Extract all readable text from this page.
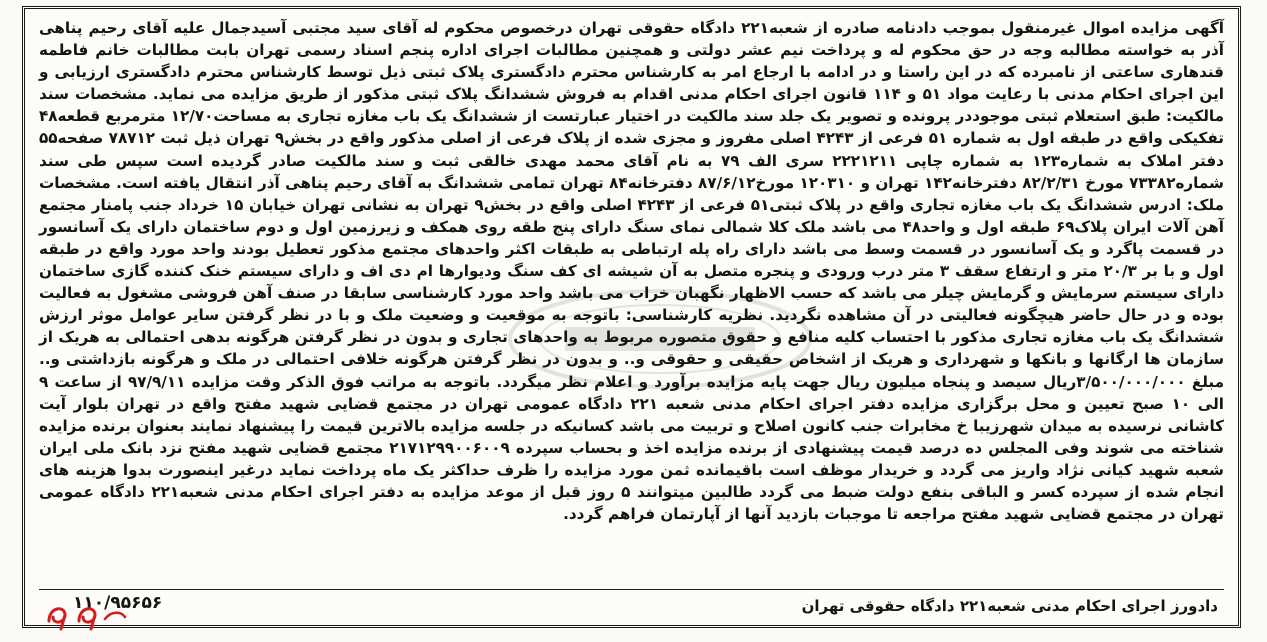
آگهی مزایده اموال غیرمنقول بموجب دادنامه صادره از شعبه۲۲۱ دادگاه حقوقی تهران درخصوص محکوم له آقای سید مجتبی آسیدجمال علیه آقای رحیم پناهی آذر به خواسته مطالبه وجه در حق محکوم له و پرداخت نیم عشر دولتی و همچنین مطالبات اجرای اداره پنجم اسناد رسمی تهران بابت مطالبات خانم فاطمه قندهاری ساعتی از نامبرده که در این راستا و در ادامه با ارجاع امر به کارشناس محترم دادگستری پلاک ثبتی ذیل توسط کارشناس محترم دادگستری ارزیابی و این اجرای احکام مدنی با رعایت مواد ۵۱ و ۱۱۴ قانون اجرای احکام مدنی اقدام به فروش ششدانگ پلاک ثبتی مذکور از طریق مزایده می نماید. مشخصات سند مالکیت: طبق استعلام ثبتی موجوددر پرونده و تصویر یک جلد سند مالکیت در اختیار عبارتست از ششدانگ یک باب مغازه تجاری به مساحت۱۲/۷۰ مترمربع قطعه۴۸ تفکیکی واقع در طبقه اول به شماره ۵۱ فرعی از ۴۲۴۳ اصلی مفروز و مجزی شده از پلاک فرعی از اصلی مذکور واقع در بخش۹ تهران ذیل ثبت ۷۸۷۱۲ صفحه۵۵ دفتر املاک به شماره۱۲۳ به شماره چاپی ۲۲۲۱۲۱۱ سری الف ۷۹ به نام آقای محمد مهدی خالقی ثبت و سند مالکیت صادر گردیده است سپس طی سند شماره۷۳۳۸۲ مورخ ۸۲/۲/۳۱ دفترخانه۱۴۲ تهران و ۱۲۰۳۱۰ مورخ۸۷/۶/۱۲ دفترخانه۸۴ تهران تمامی ششدانگ به آقای رحیم پناهی آذر انتقال یافته است. مشخصات ملک: ادرس ششدانگ یک باب مغازه تجاری واقع در پلاک ثبتی۵۱ فرعی از ۴۲۴۳ اصلی واقع در بخش۹ تهران به نشانی تهران خیابان ۱۵ خرداد جنب پامنار مجتمع آهن آلات ایران پلاک۶۹ طبقه اول و واحد۴۸ می باشد ملک کلا شمالی نمای سنگ دارای پنج طقه روی همکف و زیرزمین اول و دوم ساختمان دارای یک آسانسور در قسمت پاگرد و یک آسانسور در قسمت وسط می باشد دارای راه پله ارتباطی به طبقات اکثر واحدهای مجتمع مذکور تعطیل بودند واحد مورد واقع در طبقه اول و با بر ۲۰/۳ متر و ارتفاع سقف ۳ متر درب ورودی و پنجره متصل به آن شیشه ای کف سنگ ودیوارها ام دی اف و دارای سیستم خنک کننده گازی ساختمان دارای سیستم سرمایش و گرمایش چیلر می باشد که حسب الاظهار نگهبان خراب می باشد واحد مورد کارشناسی سابقا در صنف آهن فروشی مشغول به فعالیت بوده و در حال حاضر هیچگونه فعالیتی در آن مشاهده نگردید. نظریه کارشناسی: باتوجه به موقعیت و وضعیت ملک و با در نظر گرفتن سایر عوامل موثر ارزش ششدانگ یک باب مغازه تجاری مذکور با احتساب کلیه منافع و حقوق متصوره مربوط به واحدهای تجاری و بدون در نظر گرفتن هرگونه بدهی احتمالی به هریک از سازمان ها ارگانها و بانکها و شهرداری و هریک از اشخاص حقیقی و حقوقی و.. و بدون در نظر گرفتن هرگونه خلافی احتمالی در ملک و هرگونه بازداشتی و.. مبلغ ۳/۵۰۰/۰۰۰/۰۰۰ریال سیصد و پنجاه میلیون ریال جهت پایه مزایده برآورد و اعلام نظر میگردد. باتوجه به مراتب فوق الذکر وقت مزایده ۹۷/۹/۱۱ از ساعت ۹ الی ۱۰ صبح تعیین و محل برگزاری مزایده دفتر اجرای احکام مدنی شعبه ۲۲۱ دادگاه عمومی تهران در مجتمع قضایی شهید مفتح واقع در تهران بلوار آیت کاشانی نرسیده به میدان شهرزیبا خ مخابرات جنب کانون اصلاح و تربیت می باشد کسانیکه در جلسه مزایده بالاترین قیمت را پیشنهاد نمایند بعنوان برنده مزایده شناخته می شوند وفی المجلس ده درصد قیمت پیشنهادی از برنده مزایده اخذ و بحساب سپرده ۲۱۷۱۲۹۹۰۰۶۰۰۹ مجتمع قضایی شهید مفتح نزد بانک ملی ایران شعبه شهید کیانی نژاد واریز می گردد و خریدار موظف است باقیمانده ثمن مورد مزایده را ظرف حداکثر یک ماه پرداخت نماید درغیر اینصورت بدوا هزینه های انجام شده از سپرده کسر و الباقی بنفع دولت ضبط می گردد طالبین میتوانند ۵ روز قبل از موعد مزایده به دفتر اجرای احکام مدنی شعبه۲۲۱ دادگاه عمومی تهران در مجتمع قضایی شهید مفتح مراجعه تا موجبات بازدید آنها از آپارتمان فراهم گردد.

دادورز اجرای احکام مدنی شعبه۲۲۱ دادگاه حقوقی تهران
۱۱۰/۹۵۶۵۶
